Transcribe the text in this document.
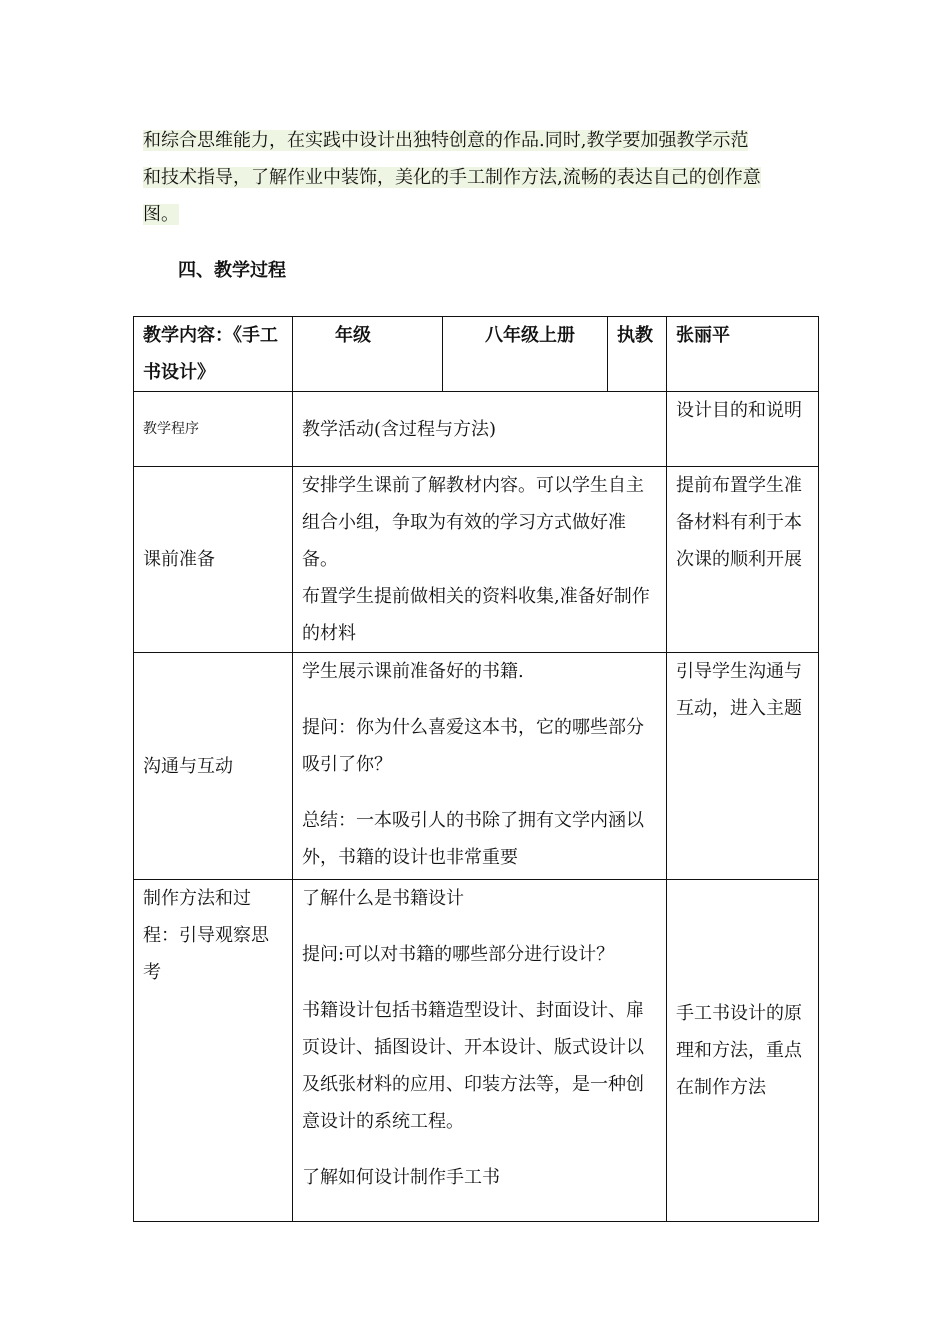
和综合思维能力，在实践中设计出独特创意的作品.同时,教学要加强教学示范
和技术指导，了解作业中装饰，美化的手工制作方法,流畅的表达自己的创作意
图。
四、教学过程
教学内容：《手工书设计》	年级	八年级上册	执教	张丽平
教学程序	教学活动(含过程与方法)			设计目的和说明
课前准备	安排学生课前了解教材内容。可以学生自主组合小组，争取为有效的学习方式做好准备。

布置学生提前做相关的资料收集,准备好制作的材料			提前布置学生准备材料有利于本次课的顺利开展
沟通与互动	学生展示课前准备好的书籍.

提问：你为什么喜爱这本书，它的哪些部分吸引了你？

总结：一本吸引人的书除了拥有文学内涵以外，书籍的设计也非常重要			引导学生沟通与互动，进入主题
制作方法和过程：引导观察思考	了解什么是书籍设计

提问:可以对书籍的哪些部分进行设计？

书籍设计包括书籍造型设计、封面设计、扉页设计、插图设计、开本设计、版式设计以及纸张材料的应用、印装方法等，是一种创意设计的系统工程。

了解如何设计制作手工书			手工书设计的原理和方法，重点在制作方法
